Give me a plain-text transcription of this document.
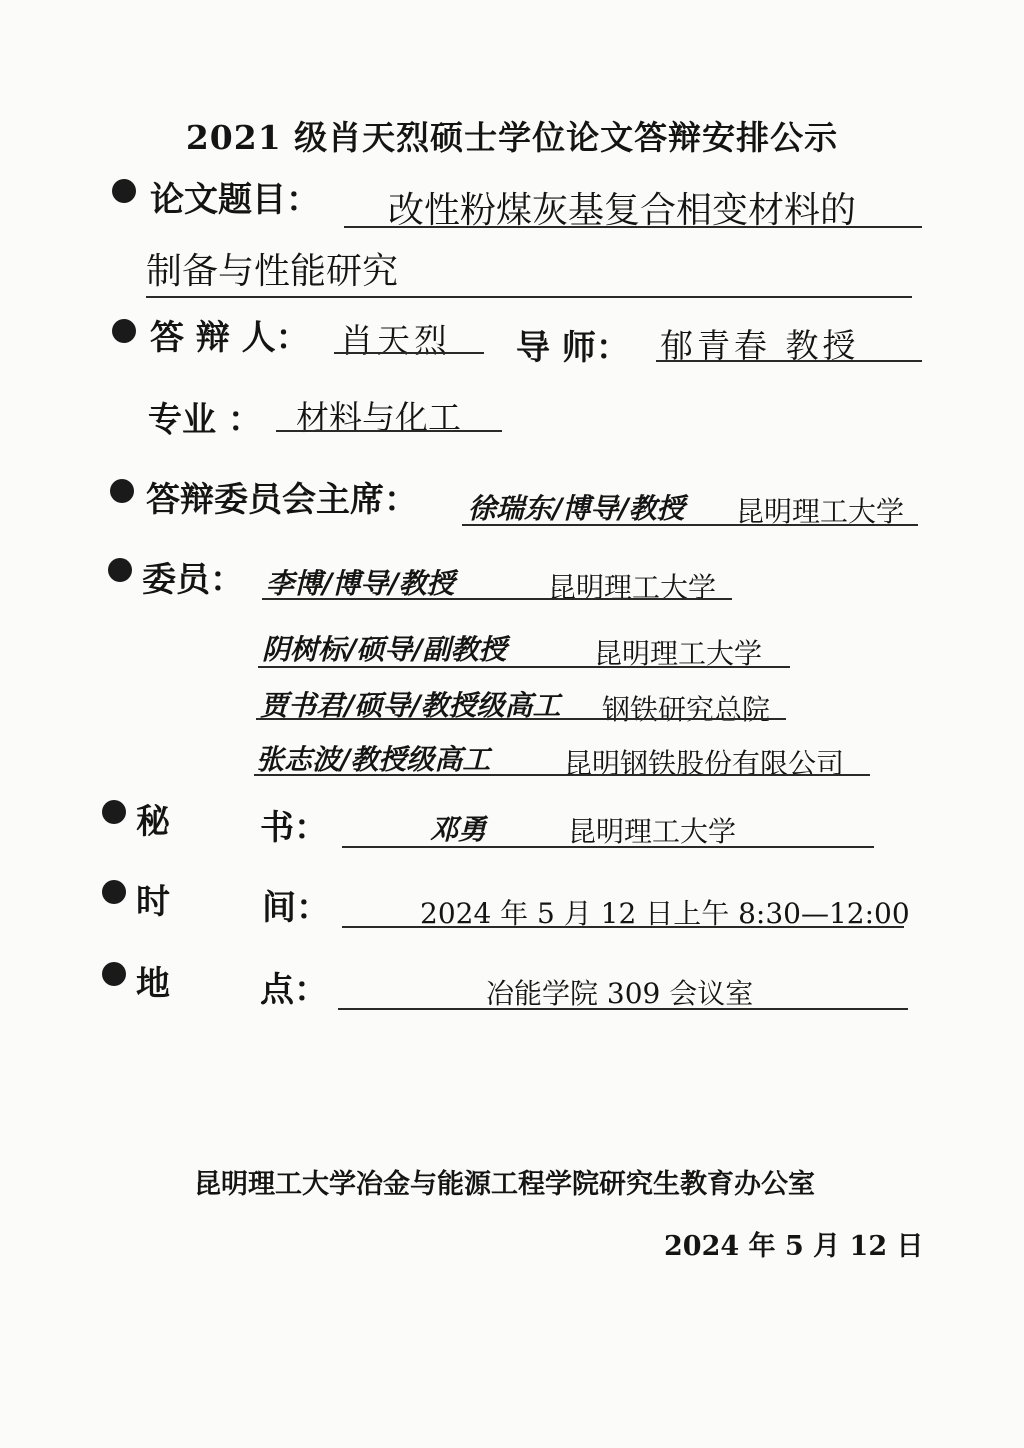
2021 级肖天烈硕士学位论文答辩安排公示
论文题目： 改性粉煤灰基复合相变材料的
制备与性能研究
答 辩 人： 肖天烈 导 师： 郁青春 教授
专业 ： 材料与化工
答辩委员会主席： 徐瑞东/博导/教授 昆明理工大学
委员： 李博/博导/教授	昆明理工大学
阴树标/硕导/副教授	昆明理工大学
贾书君/硕导/教授级高工 钢铁研究总院
张志波/教授级高工	昆明钢铁股份有限公司
秘	书：	邓勇	昆明理工大学
时	间：	2024 年 5 月 12 日上午 8:30—12:00
地	点：	冶能学院 309 会议室
昆明理工大学冶金与能源工程学院研究生教育办公室
2024 年 5 月 12 日
